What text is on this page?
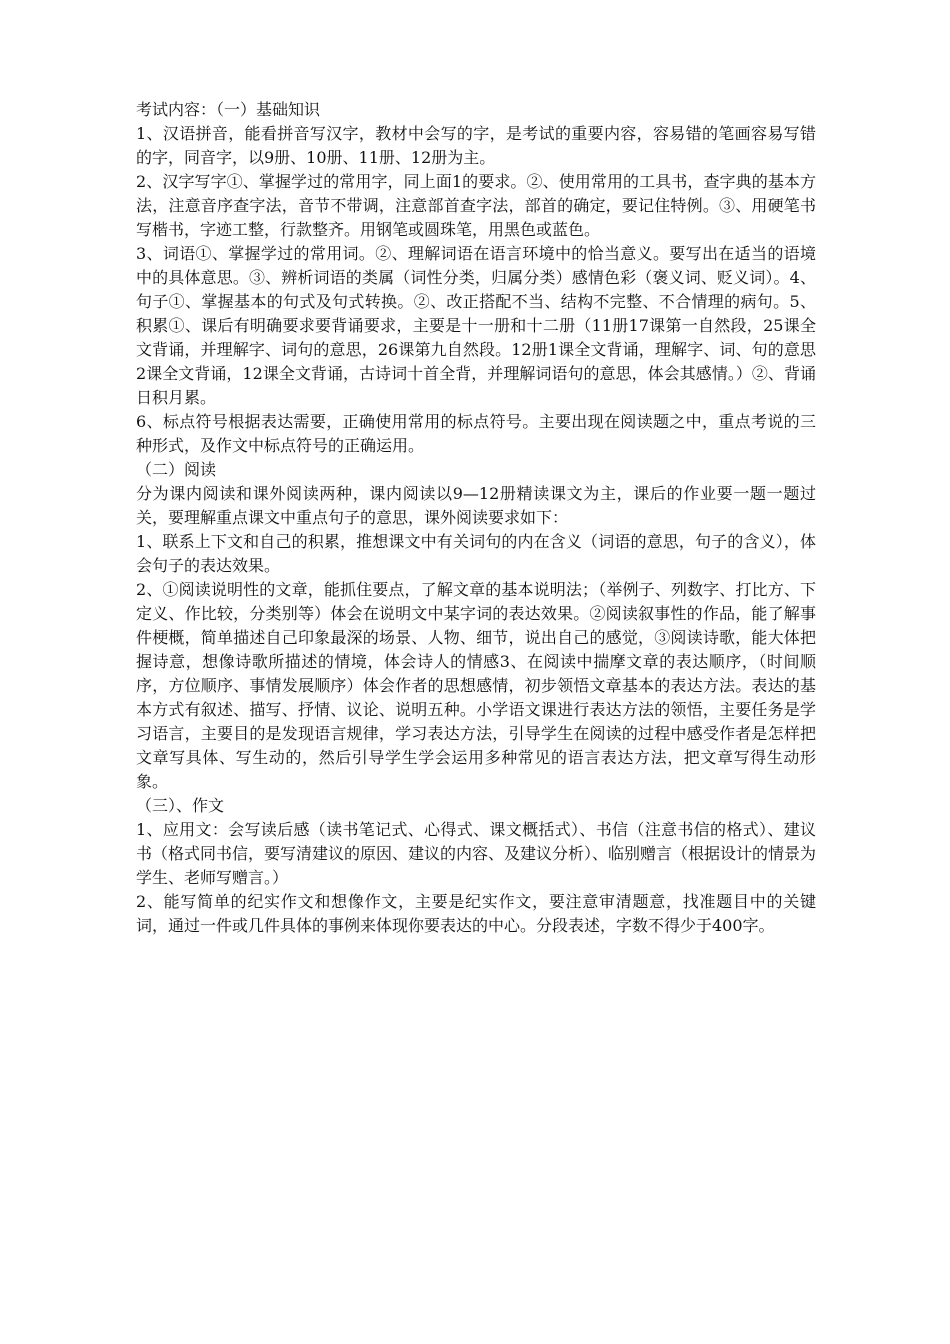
考试内容：（一）基础知识

1、汉语拼音，能看拼音写汉字，教材中会写的字，是考试的重要内容，容易错的笔画容易写错的字，同音字，以9册、10册、11册、12册为主。

2、汉字写字①、掌握学过的常用字，同上面1的要求。②、使用常用的工具书，查字典的基本方法，注意音序查字法，音节不带调，注意部首查字法，部首的确定，要记住特例。③、用硬笔书写楷书，字迹工整，行款整齐。用钢笔或圆珠笔，用黑色或蓝色。

3、词语①、掌握学过的常用词。②、理解词语在语言环境中的恰当意义。要写出在适当的语境中的具体意思。③、辨析词语的类属（词性分类，归属分类）感情色彩（褒义词、贬义词）。4、句子①、掌握基本的句式及句式转换。②、改正搭配不当、结构不完整、不合情理的病句。5、积累①、课后有明确要求要背诵要求，主要是十一册和十二册（11册17课第一自然段，25课全文背诵，并理解字、词句的意思，26课第九自然段。12册1课全文背诵，理解字、词、句的意思2课全文背诵，12课全文背诵，古诗词十首全背，并理解词语句的意思，体会其感情。）②、背诵日积月累。

6、标点符号根据表达需要，正确使用常用的标点符号。主要出现在阅读题之中，重点考说的三种形式，及作文中标点符号的正确运用。

（二）阅读

分为课内阅读和课外阅读两种，课内阅读以9—12册精读课文为主，课后的作业要一题一题过关，要理解重点课文中重点句子的意思，课外阅读要求如下：

1、联系上下文和自己的积累，推想课文中有关词句的内在含义（词语的意思，句子的含义），体会句子的表达效果。

2、①阅读说明性的文章，能抓住要点，了解文章的基本说明法；（举例子、列数字、打比方、下定义、作比较，分类别等）体会在说明文中某字词的表达效果。②阅读叙事性的作品，能了解事件梗概，简单描述自己印象最深的场景、人物、细节，说出自己的感觉，③阅读诗歌，能大体把握诗意，想像诗歌所描述的情境，体会诗人的情感3、在阅读中揣摩文章的表达顺序，（时间顺序，方位顺序、事情发展顺序）体会作者的思想感情，初步领悟文章基本的表达方法。表达的基本方式有叙述、描写、抒情、议论、说明五种。小学语文课进行表达方法的领悟，主要任务是学习语言，主要目的是发现语言规律，学习表达方法，引导学生在阅读的过程中感受作者是怎样把文章写具体、写生动的，然后引导学生学会运用多种常见的语言表达方法，把文章写得生动形象。

（三）、作文

1、应用文：会写读后感（读书笔记式、心得式、课文概括式）、书信（注意书信的格式）、建议书（格式同书信，要写清建议的原因、建议的内容、及建议分析）、临别赠言（根据设计的情景为学生、老师写赠言。）

2、能写简单的纪实作文和想像作文，主要是纪实作文，要注意审清题意，找准题目中的关键词，通过一件或几件具体的事例来体现你要表达的中心。分段表述，字数不得少于400字。
